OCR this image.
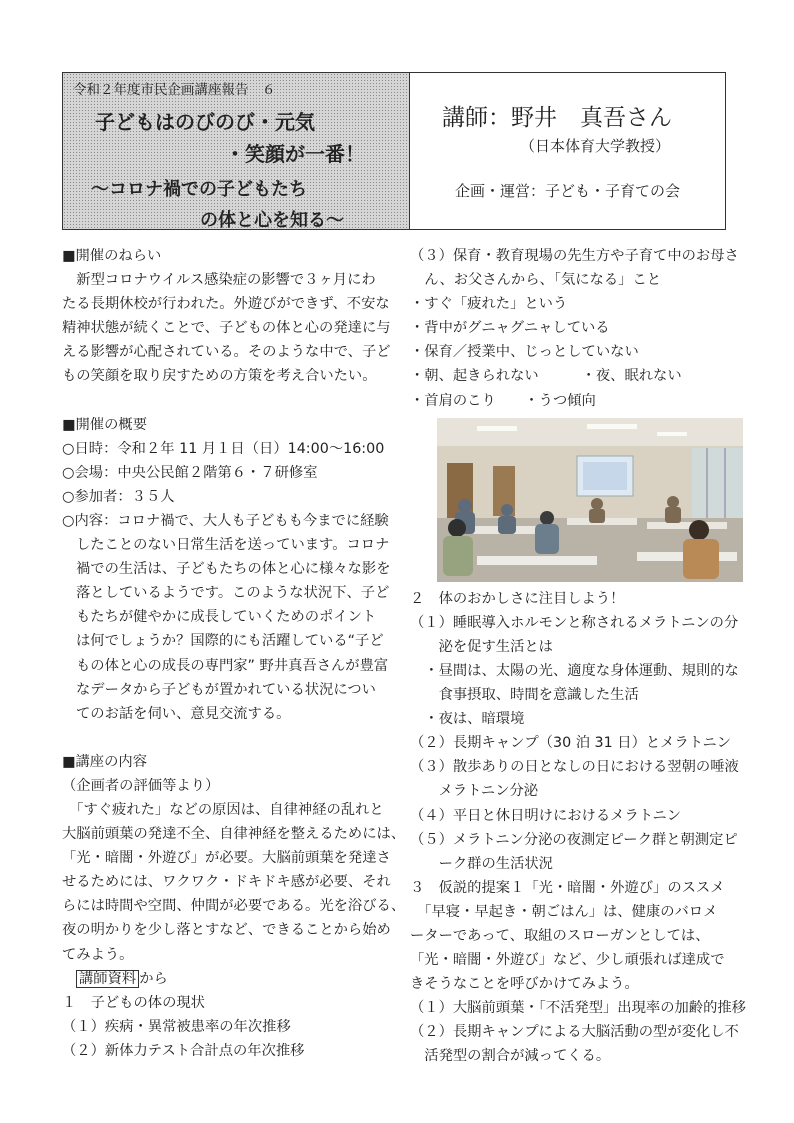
令和２年度市民企画講座報告　６
子どもはのびのび・元気
・笑顔が一番！
～コロナ禍での子どもたち
の体と心を知る～
講師：野井　真吾さん
（日本体育大学教授）
企画・運営：子ども・子育ての会

■開催のねらい

　新型コロナウイルス感染症の影響で３ヶ月にわ

たる長期休校が行われた。外遊びができず、不安な

精神状態が続くことで、子どもの体と心の発達に与

える影響が心配されている。そのような中で、子ど

もの笑顔を取り戻すための方策を考え合いたい。

■開催の概要

○日時：令和２年 11 月１日（日）14:00～16:00

○会場：中央公民館２階第６・７研修室

○参加者：３５人

○内容：コロナ禍で、大人も子どもも今までに経験

したことのない日常生活を送っています。コロナ

禍での生活は、子どもたちの体と心に様々な影を

落としているようです。このような状況下、子ど

もたちが健やかに成長していくためのポイント

は何でしょうか？国際的にも活躍している“子ど

もの体と心の成長の専門家” 野井真吾さんが豊富

なデータから子どもが置かれている状況につい

てのお話を伺い、意見交流する。

■講座の内容

（企画者の評価等より）

　「すぐ疲れた」などの原因は、自律神経の乱れと

大脳前頭葉の発達不全、自律神経を整えるためには、

「光・暗闇・外遊び」が必要。大脳前頭葉を発達さ

せるためには、ワクワク・ドキドキ感が必要、それ

らには時間や空間、仲間が必要である。光を浴びる、

夜の明かりを少し落とすなど、できることから始め

てみよう。

講師資料 から

１　子どもの体の現状

（１）疾病・異常被患率の年次推移

（２）新体力テスト合計点の年次推移

（３）保育・教育現場の先生方や子育て中のお母さ

　ん、お父さんから、「気になる」こと

・すぐ「疲れた」という

・背中がグニャグニャしている

・保育／授業中、じっとしていない

・朝、起きられない　　　・夜、眠れない

・首肩のこり　　・うつ傾向

２　体のおかしさに注目しよう！

（１）睡眠導入ホルモンと称されるメラトニンの分

　　泌を促す生活とは

　・昼間は、太陽の光、適度な身体運動、規則的な

　　食事摂取、時間を意識した生活

　・夜は、暗環境

（２）長期キャンプ（30 泊 31 日）とメラトニン

（３）散歩ありの日となしの日における翌朝の唾液

　　メラトニン分泌

（４）平日と休日明けにおけるメラトニン

（５）メラトニン分泌の夜測定ピーク群と朝測定ピ

　　ーク群の生活状況

３　仮説的提案１「光・暗闇・外遊び」のススメ

　「早寝・早起き・朝ごはん」は、健康のバロメ

ーターであって、取組のスローガンとしては、

「光・暗闇・外遊び」など、少し頑張れば達成で

きそうなことを呼びかけてみよう。

（１）大脳前頭葉・「不活発型」出現率の加齢的推移

（２）長期キャンプによる大脳活動の型が変化し不

　活発型の割合が減ってくる。
